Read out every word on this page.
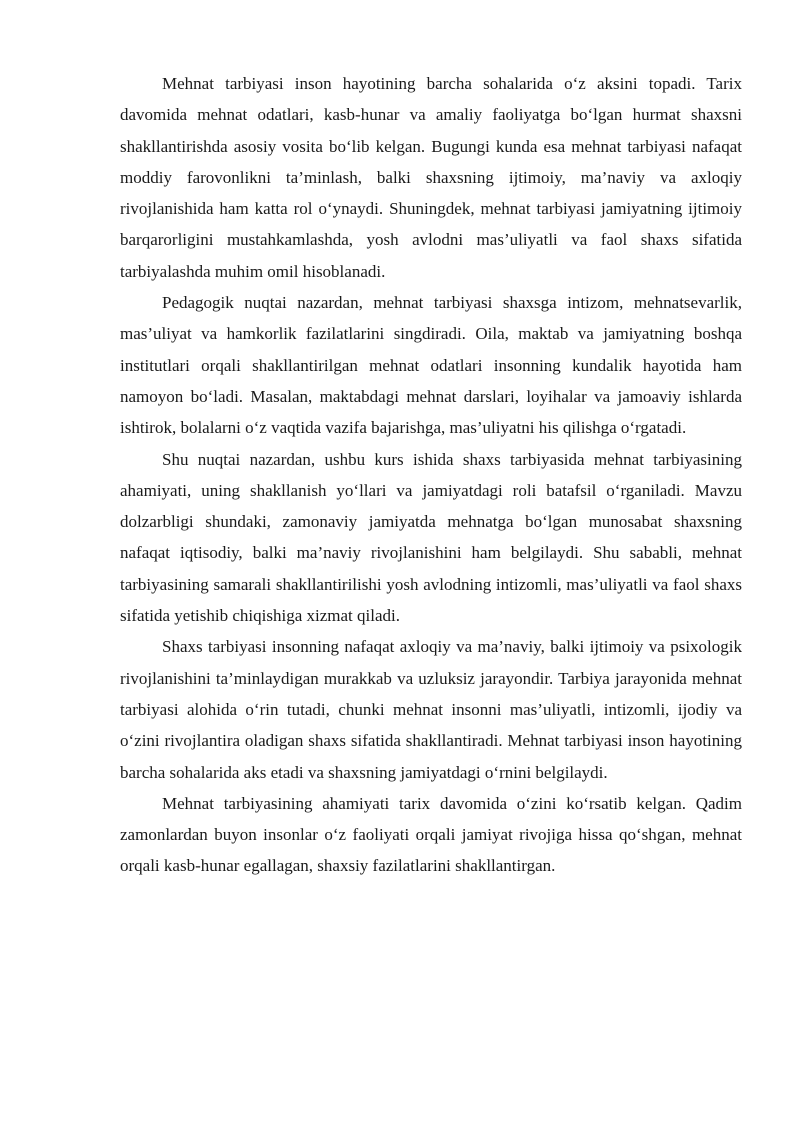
Mehnat tarbiyasi inson hayotining barcha sohalarida o‘z aksini topadi. Tarix davomida mehnat odatlari, kasb-hunar va amaliy faoliyatga bo‘lgan hurmat shaxsni shakllantirishda asosiy vosita bo‘lib kelgan. Bugungi kunda esa mehnat tarbiyasi nafaqat moddiy farovonlikni ta’minlash, balki shaxsning ijtimoiy, ma’naviy va axloqiy rivojlanishida ham katta rol o‘ynaydi. Shuningdek, mehnat tarbiyasi jamiyatning ijtimoiy barqarorligini mustahkamlashda, yosh avlodni mas’uliyatli va faol shaxs sifatida tarbiyalashda muhim omil hisoblanadi.

Pedagogik nuqtai nazardan, mehnat tarbiyasi shaxsga intizom, mehnatsevarlik, mas’uliyat va hamkorlik fazilatlarini singdiradi. Oila, maktab va jamiyatning boshqa institutlari orqali shakllantirilgan mehnat odatlari insonning kundalik hayotida ham namoyon bo‘ladi. Masalan, maktabdagi mehnat darslari, loyihalar va jamoaviy ishlarda ishtirok, bolalarni o‘z vaqtida vazifa bajarishga, mas’uliyatni his qilishga o‘rgatadi.

Shu nuqtai nazardan, ushbu kurs ishida shaxs tarbiyasida mehnat tarbiyasining ahamiyati, uning shakllanish yo‘llari va jamiyatdagi roli batafsil o‘rganiladi. Mavzu dolzarbligi shundaki, zamonaviy jamiyatda mehnatga bo‘lgan munosabat shaxsning nafaqat iqtisodiy, balki ma’naviy rivojlanishini ham belgilaydi. Shu sababli, mehnat tarbiyasining samarali shakllantirilishi yosh avlodning intizomli, mas’uliyatli va faol shaxs sifatida yetishib chiqishiga xizmat qiladi.

Shaxs tarbiyasi insonning nafaqat axloqiy va ma’naviy, balki ijtimoiy va psixologik rivojlanishini ta’minlaydigan murakkab va uzluksiz jarayondir. Tarbiya jarayonida mehnat tarbiyasi alohida o‘rin tutadi, chunki mehnat insonni mas’uliyatli, intizomli, ijodiy va o‘zini rivojlantira oladigan shaxs sifatida shakllantiradi. Mehnat tarbiyasi inson hayotining barcha sohalarida aks etadi va shaxsning jamiyatdagi o‘rnini belgilaydi.

Mehnat tarbiyasining ahamiyati tarix davomida o‘zini ko‘rsatib kelgan. Qadim zamonlardan buyon insonlar o‘z faoliyati orqali jamiyat rivojiga hissa qo‘shgan, mehnat orqali kasb-hunar egallagan, shaxsiy fazilatlarini shakllantirgan.
